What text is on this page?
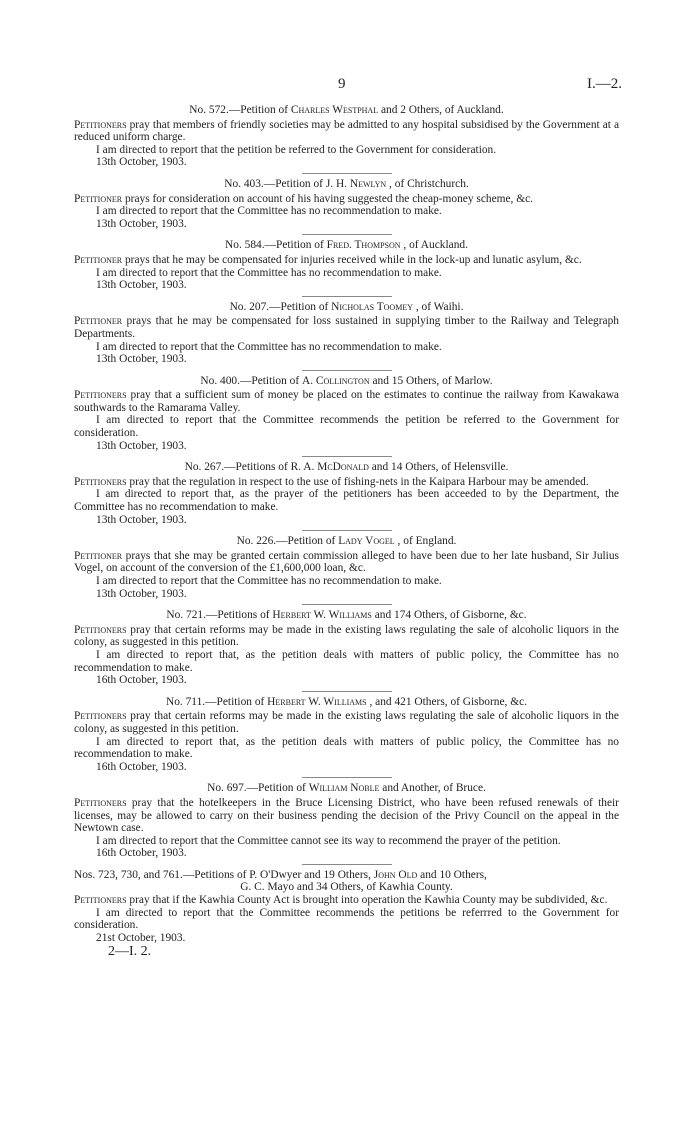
9	I.—2.
No. 572.—Petition of Charles Westphal and 2 Others, of Auckland.

Petitioners pray that members of friendly societies may be admitted to any hospital subsidised by the Government at a reduced uniform charge.

I am directed to report that the petition be referred to the Government for consideration.

13th October, 1903.

No. 403.—Petition of J. H. Newlyn , of Christchurch.

Petitioner prays for consideration on account of his having suggested the cheap-money scheme, &c.

I am directed to report that the Committee has no recommendation to make.

13th October, 1903.

No. 584.—Petition of Fred. Thompson , of Auckland.

Petitioner prays that he may be compensated for injuries received while in the lock-up and lunatic asylum, &c.

I am directed to report that the Committee has no recommendation to make.

13th October, 1903.

No. 207.—Petition of Nicholas Toomey , of Waihi.

Petitioner prays that he may be compensated for loss sustained in supplying timber to the Railway and Telegraph Departments.

I am directed to report that the Committee has no recommendation to make.

13th October, 1903.

No. 400.—Petition of A. Collington and 15 Others, of Marlow.

Petitioners pray that a sufficient sum of money be placed on the estimates to continue the railway from Kawakawa southwards to the Ramarama Valley.

I am directed to report that the Committee recommends the petition be referred to the Government for consideration.

13th October, 1903.

No. 267.—Petitions of R. A. McDonald and 14 Others, of Helensville.

Petitioners pray that the regulation in respect to the use of fishing-nets in the Kaipara Harbour may be amended.

I am directed to report that, as the prayer of the petitioners has been acceeded to by the Department, the Committee has no recommendation to make.

13th October, 1903.

No. 226.—Petition of Lady Vogel , of England.

Petitioner prays that she may be granted certain commission alleged to have been due to her late husband, Sir Julius Vogel, on account of the conversion of the £1,600,000 loan, &c.

I am directed to report that the Committee has no recommendation to make.

13th October, 1903.

No. 721.—Petitions of Herbert W. Williams and 174 Others, of Gisborne, &c.

Petitioners pray that certain reforms may be made in the existing laws regulating the sale of alcoholic liquors in the colony, as suggested in this petition.

I am directed to report that, as the petition deals with matters of public policy, the Committee has no recommendation to make.

16th October, 1903.

No. 711.—Petition of Herbert W. Williams , and 421 Others, of Gisborne, &c.

Petitioners pray that certain reforms may be made in the existing laws regulating the sale of alcoholic liquors in the colony, as suggested in this petition.

I am directed to report that, as the petition deals with matters of public policy, the Committee has no recommendation to make.

16th October, 1903.

No. 697.—Petition of William Noble and Another, of Bruce.

Petitioners pray that the hotelkeepers in the Bruce Licensing District, who have been refused renewals of their licenses, may be allowed to carry on their business pending the decision of the Privy Council on the appeal in the Newtown case.

I am directed to report that the Committee cannot see its way to recommend the prayer of the petition.

16th October, 1903.

Nos. 723, 730, and 761.—Petitions of P. O'Dwyer and 19 Others, John Old and 10 Others,
G. C. Mayo and 34 Others, of Kawhia County.

Petitioners pray that if the Kawhia County Act is brought into operation the Kawhia County may be subdivided, &c.

I am directed to report that the Committee recommends the petitions be referrred to the Government for consideration.

21st October, 1903.

2—I. 2.
